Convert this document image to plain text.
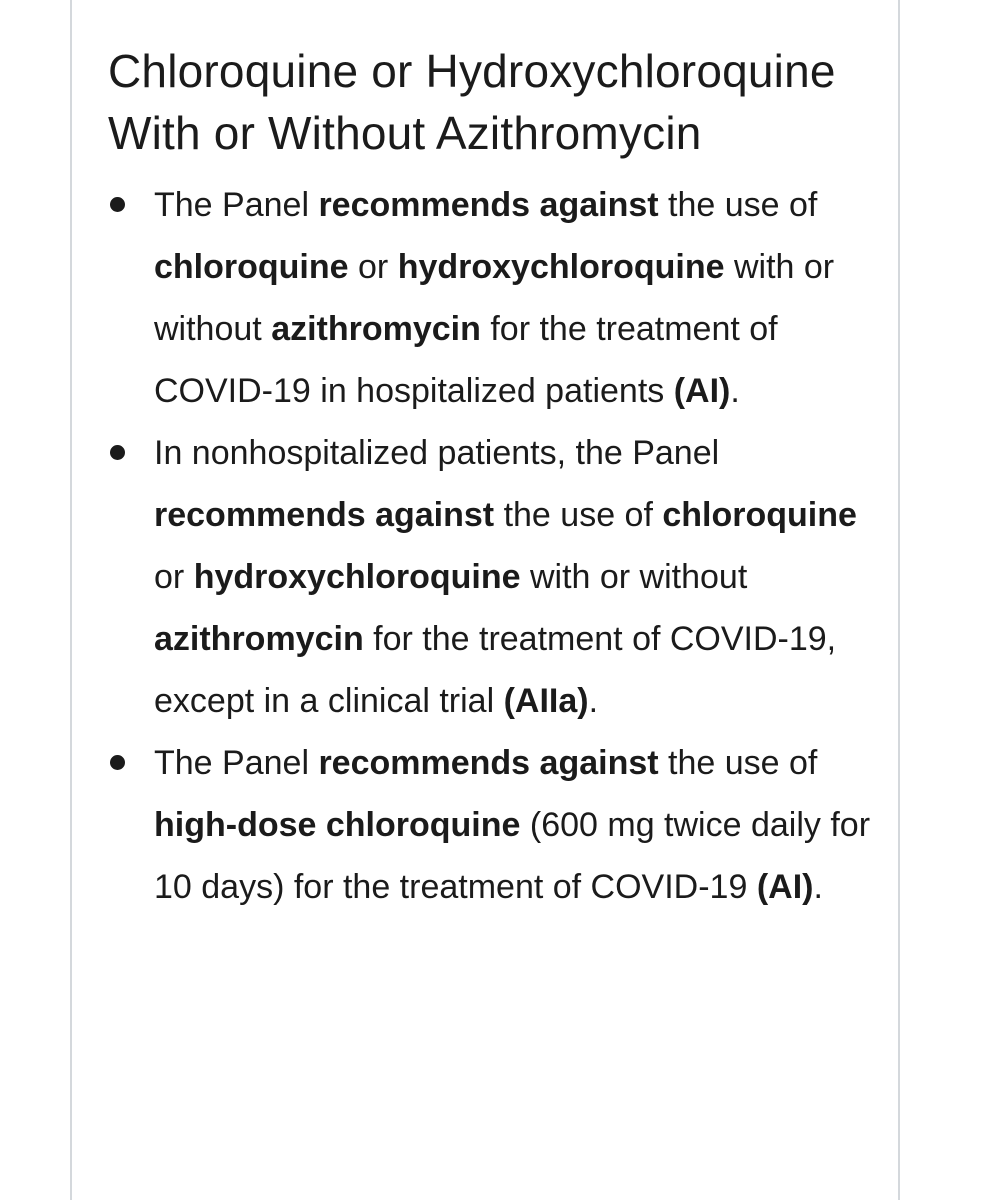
Chloroquine or Hydroxychloroquine With or Without Azithromycin
The Panel recommends against the use of chloroquine or hydroxychloroquine with or without azithromycin for the treatment of COVID-19 in hospitalized patients (AI).
In nonhospitalized patients, the Panel recommends against the use of chloroquine or hydroxychloroquine with or without azithromycin for the treatment of COVID-19, except in a clinical trial (AIIa).
The Panel recommends against the use of high-dose chloroquine (600 mg twice daily for 10 days) for the treatment of COVID-19 (AI).
